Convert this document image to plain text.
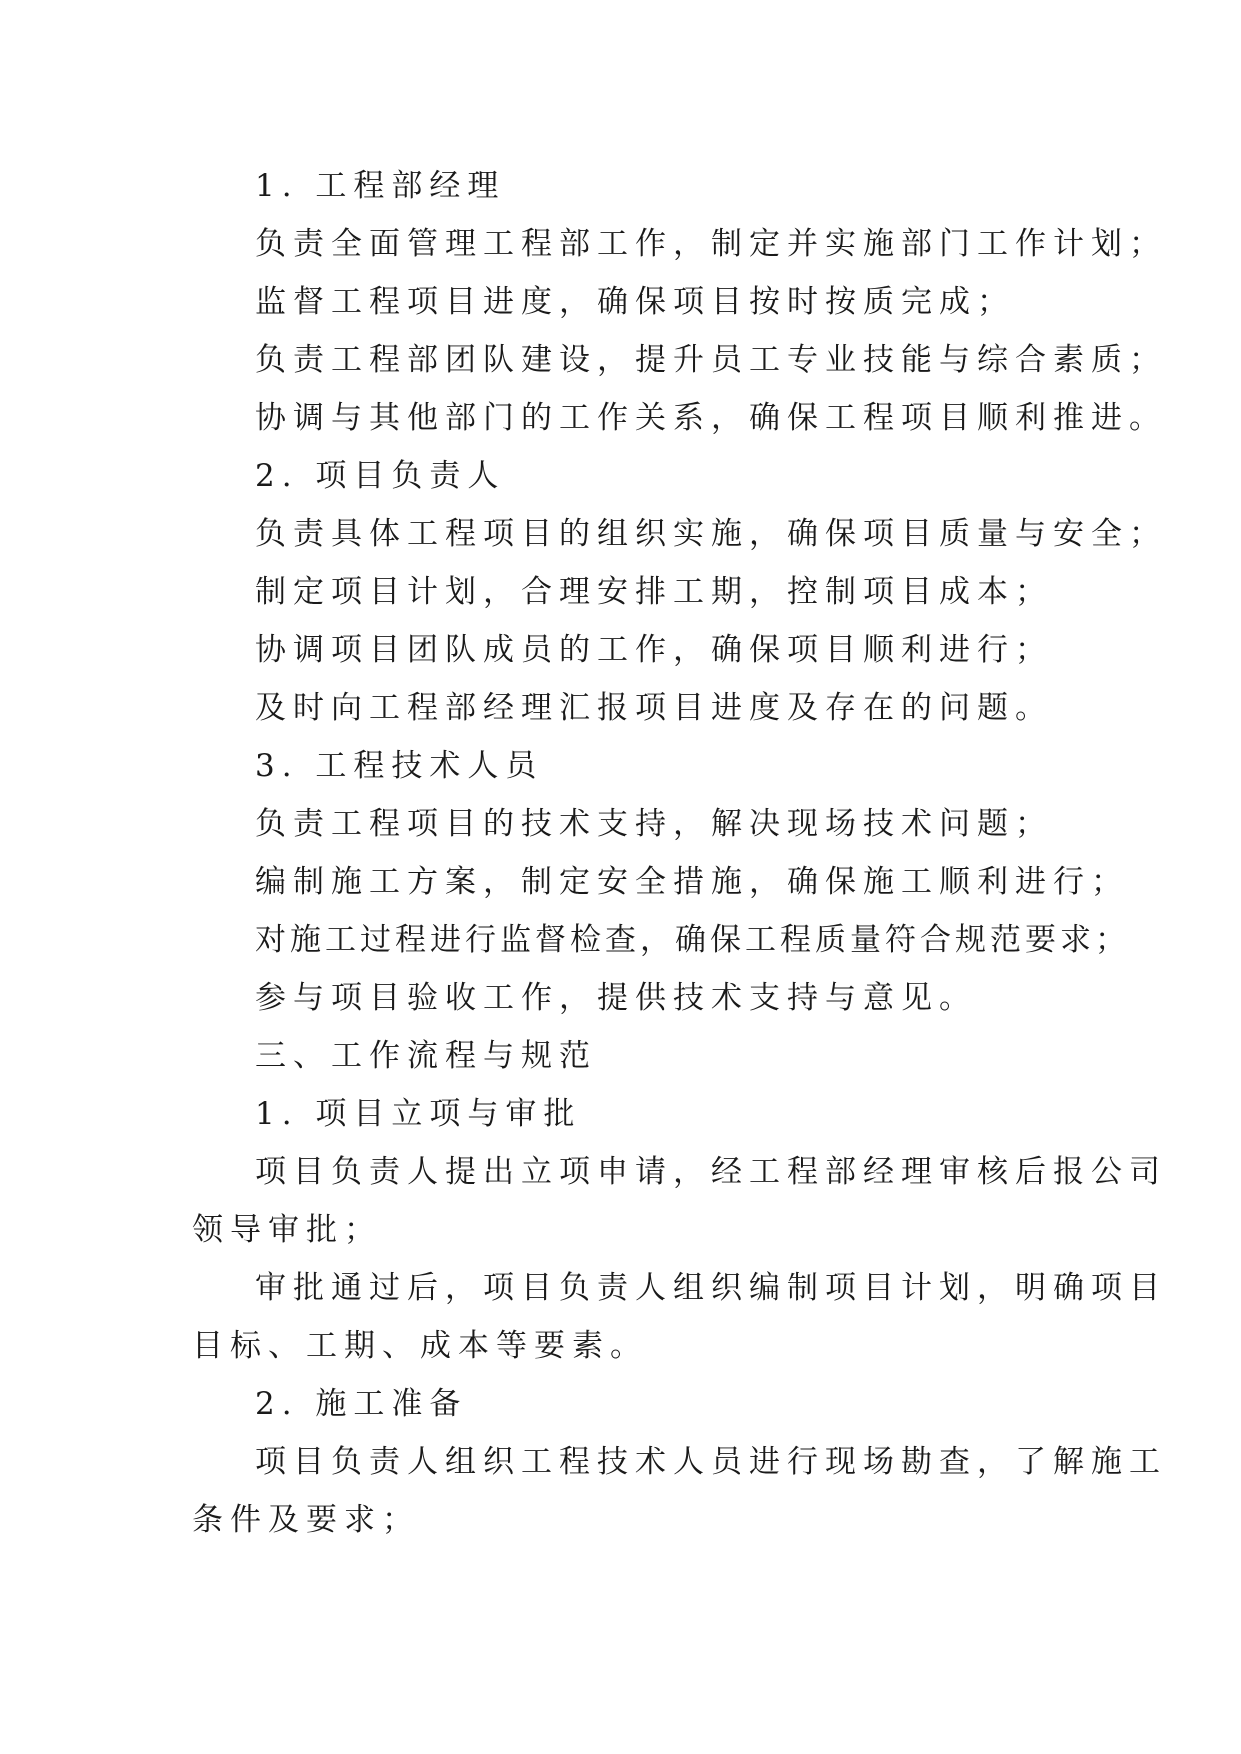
1. 工程部经理
负责全面管理工程部工作，制定并实施部门工作计划；
监督工程项目进度，确保项目按时按质完成；
负责工程部团队建设，提升员工专业技能与综合素质；
协调与其他部门的工作关系，确保工程项目顺利推进。
2. 项目负责人
负责具体工程项目的组织实施，确保项目质量与安全；
制定项目计划，合理安排工期，控制项目成本；
协调项目团队成员的工作，确保项目顺利进行；
及时向工程部经理汇报项目进度及存在的问题。
3. 工程技术人员
负责工程项目的技术支持，解决现场技术问题；
编制施工方案，制定安全措施，确保施工顺利进行；
对施工过程进行监督检查，确保工程质量符合规范要求；
参与项目验收工作，提供技术支持与意见。
三、工作流程与规范
1. 项目立项与审批
项目负责人提出立项申请，经工程部经理审核后报公司
领导审批；
审批通过后，项目负责人组织编制项目计划，明确项目
目标、工期、成本等要素。
2. 施工准备
项目负责人组织工程技术人员进行现场勘查，了解施工
条件及要求；
